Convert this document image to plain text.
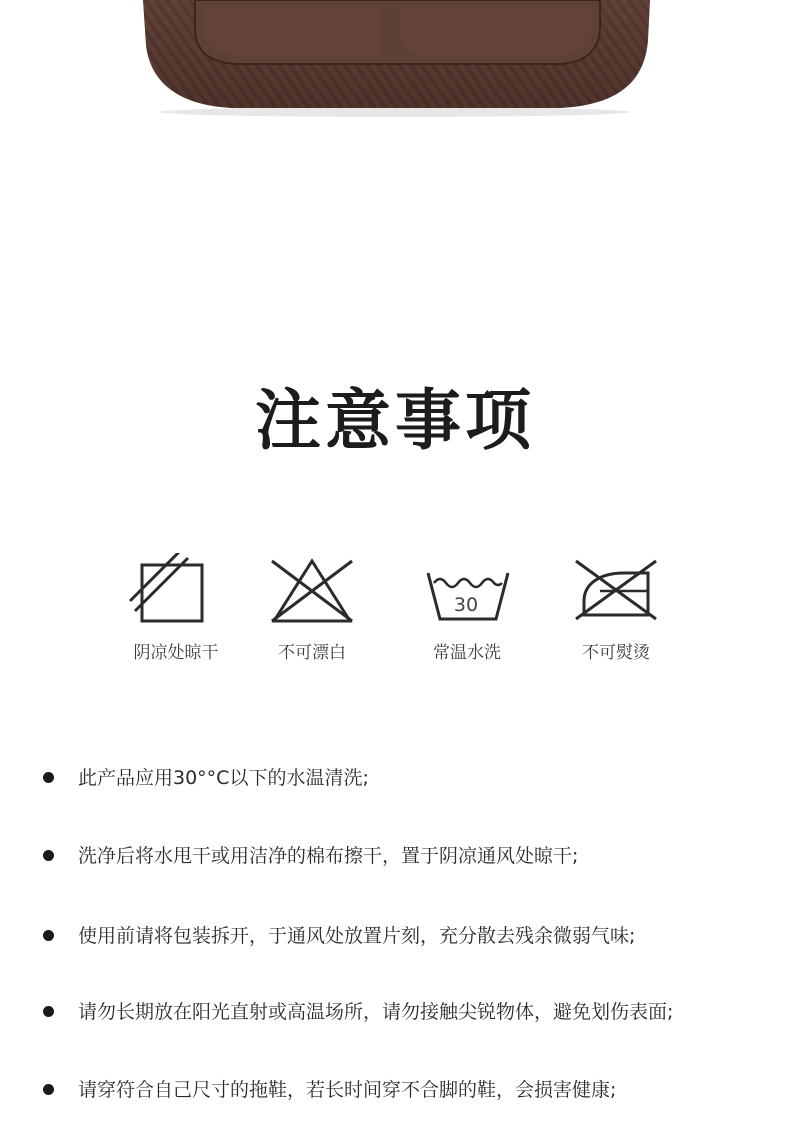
注意事项
阴凉处晾干	不可漂白
30
常温水洗	不可熨烫
此产品应用30°°C以下的水温清洗;
洗净后将水甩干或用洁净的棉布擦干，置于阴凉通风处晾干;
使用前请将包装拆开，于通风处放置片刻，充分散去残余微弱气味;
请勿长期放在阳光直射或高温场所，请勿接触尖锐物体，避免划伤表面;
请穿符合自己尺寸的拖鞋，若长时间穿不合脚的鞋，会损害健康;
